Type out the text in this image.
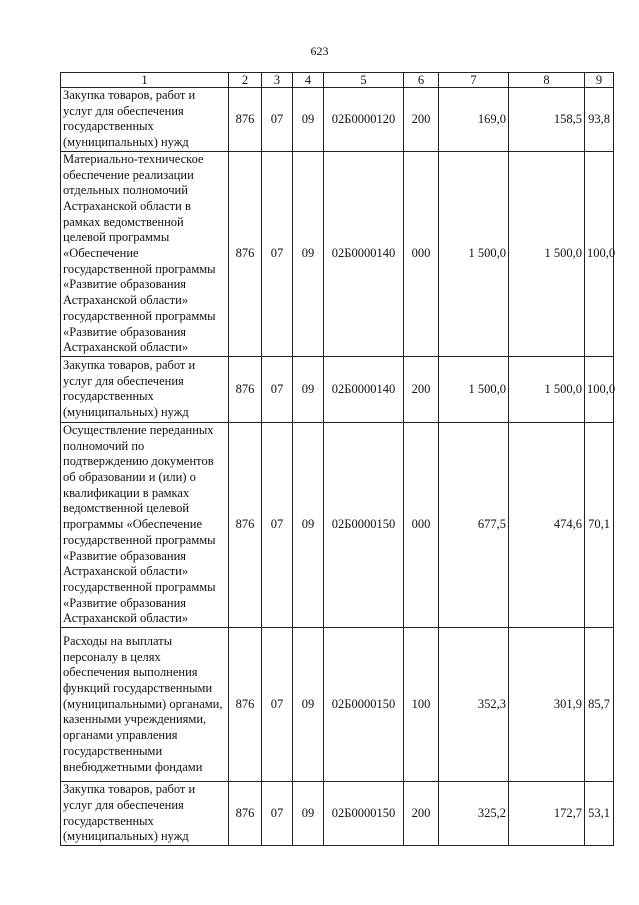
623
1	2	3	4	5	6	7	8	9
Закупка товаров, работ и услуг для обеспечения государственных (муниципальных) нужд	876	07	09	02Б0000120	200	169,0	158,5	93,8
Материально-техническое обеспечение реализации отдельных полномочий Астраханской области в рамках ведомственной целевой программы «Обеспечение государственной программы «Развитие образования Астраханской области» государственной программы «Развитие образования Астраханской области»	876	07	09	02Б0000140	000	1 500,0	1 500,0	100,0
Закупка товаров, работ и услуг для обеспечения государственных (муниципальных) нужд	876	07	09	02Б0000140	200	1 500,0	1 500,0	100,0
Осуществление переданных полномочий по подтверждению документов об образовании и (или) о квалификации в рамках ведомственной целевой программы «Обеспечение государственной программы «Развитие образования Астраханской области» государственной программы «Развитие образования Астраханской области»	876	07	09	02Б0000150	000	677,5	474,6	70,1
Расходы на выплаты персоналу в целях обеспечения выполнения функций государственными (муниципальными) органами, казенными учреждениями, органами управления государственными внебюджетными фондами	876	07	09	02Б0000150	100	352,3	301,9	85,7
Закупка товаров, работ и услуг для обеспечения государственных (муниципальных) нужд	876	07	09	02Б0000150	200	325,2	172,7	53,1
